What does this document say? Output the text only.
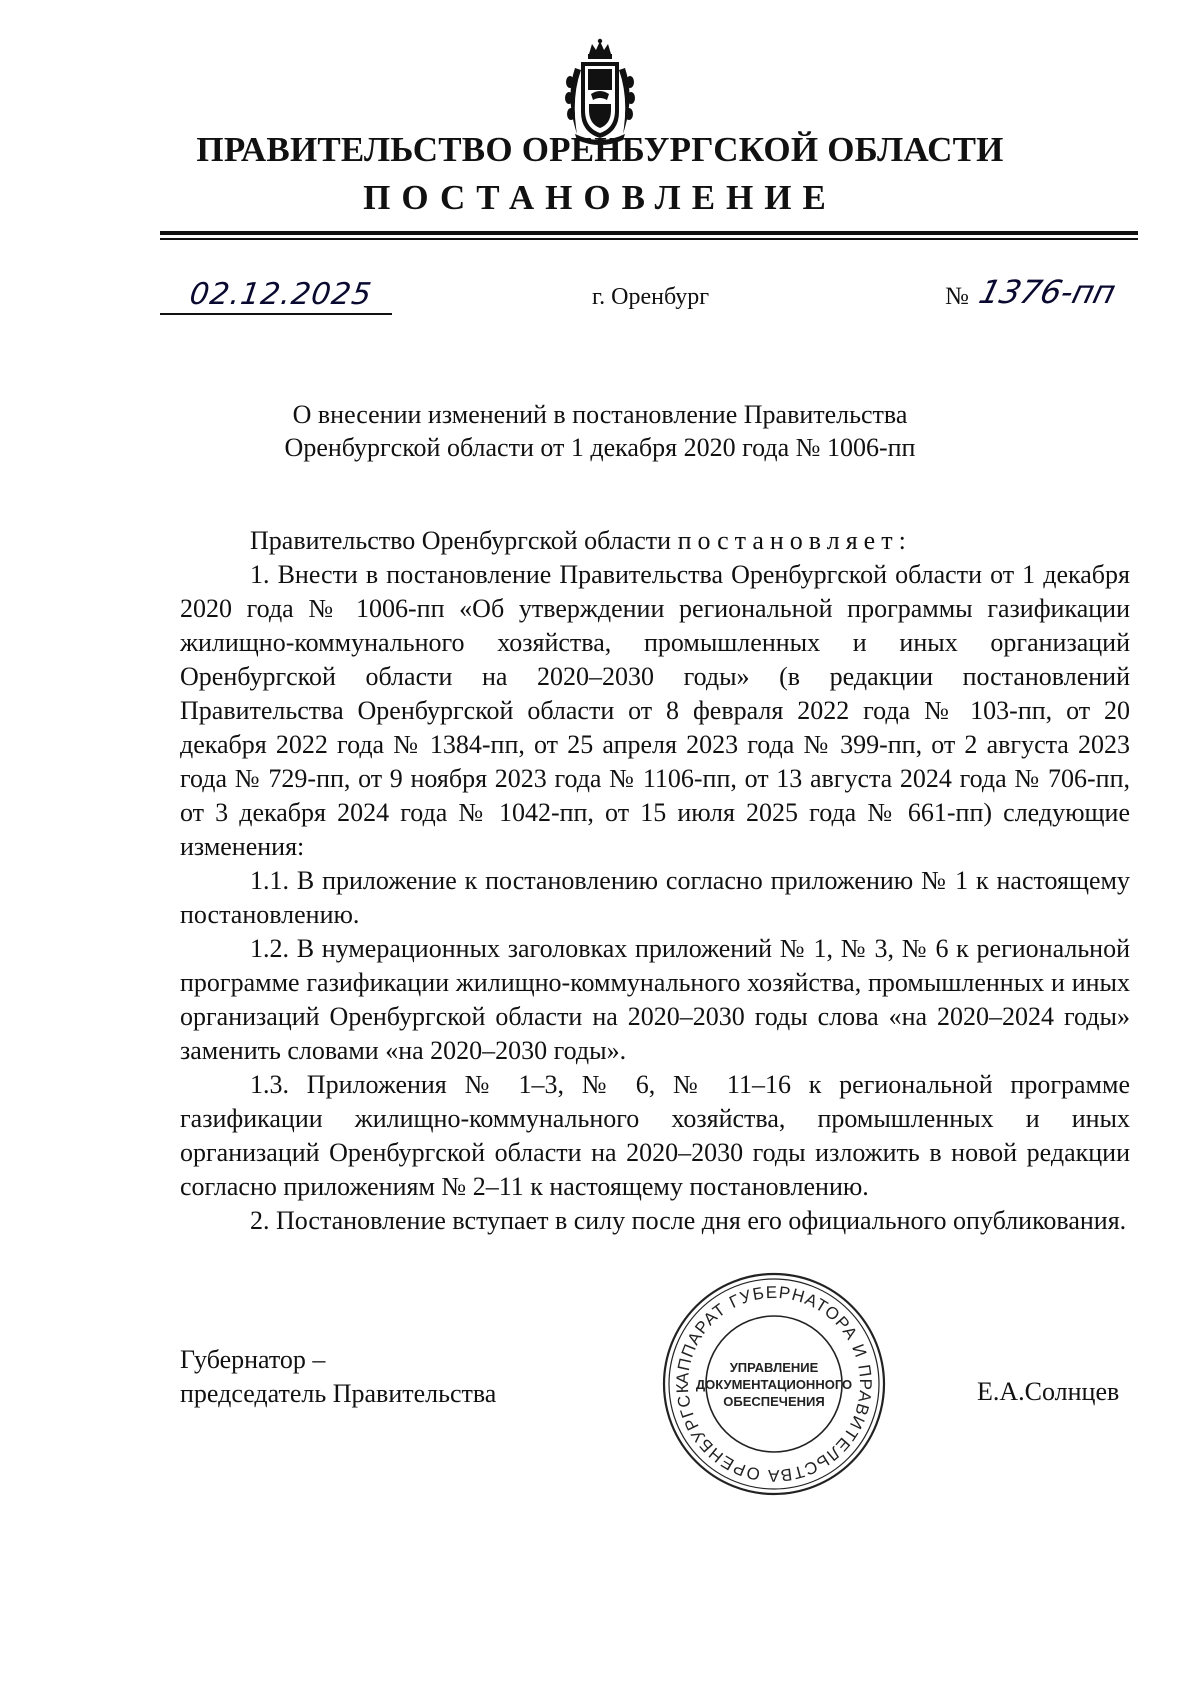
ПРАВИТЕЛЬСТВО ОРЕНБУРГСКОЙ ОБЛАСТИ
ПОСТАНОВЛЕНИЕ
02.12.2025	г. Оренбург	№ 1376-пп
О внесении изменений в постановление Правительства
Оренбургской области от 1 декабря 2020 года № 1006-пп

Правительство Оренбургской области постановляет:

1. Внести в постановление Правительства Оренбургской области от 1 декабря 2020 года № 1006-пп «Об утверждении региональной программы газификации жилищно-коммунального хозяйства, промышленных и иных организаций Оренбургской области на 2020–2030 годы» (в редакции постановлений Правительства Оренбургской области от 8 февраля 2022 года № 103-пп, от 20 декабря 2022 года № 1384-пп, от 25 апреля 2023 года № 399-пп, от 2 августа 2023 года № 729-пп, от 9 ноября 2023 года № 1106-пп, от 13 августа 2024 года № 706-пп, от 3 декабря 2024 года № 1042-пп, от 15 июля 2025 года № 661-пп) следующие изменения:

1.1. В приложение к постановлению согласно приложению № 1 к настоящему постановлению.

1.2. В нумерационных заголовках приложений № 1, № 3, № 6 к региональной программе газификации жилищно-коммунального хозяйства, промышленных и иных организаций Оренбургской области на 2020–2030 годы слова «на 2020–2024 годы» заменить словами «на 2020–2030 годы».

1.3. Приложения № 1–3, № 6, № 11–16 к региональной программе газификации жилищно-коммунального хозяйства, промышленных и иных организаций Оренбургской области на 2020–2030 годы изложить в новой редакции согласно приложениям № 2–11 к настоящему постановлению.

2. Постановление вступает в силу после дня его официального опубликования.

Губернатор –
председатель Правительства	Е.А.Солнцев
АППАРАТ ГУБЕРНАТОРА И ПРАВИТЕЛЬСТВА ОРЕНБУРГСК
УПРАВЛЕНИЕ
ДОКУМЕНТАЦИОННОГО
ОБЕСПЕЧЕНИЯ
